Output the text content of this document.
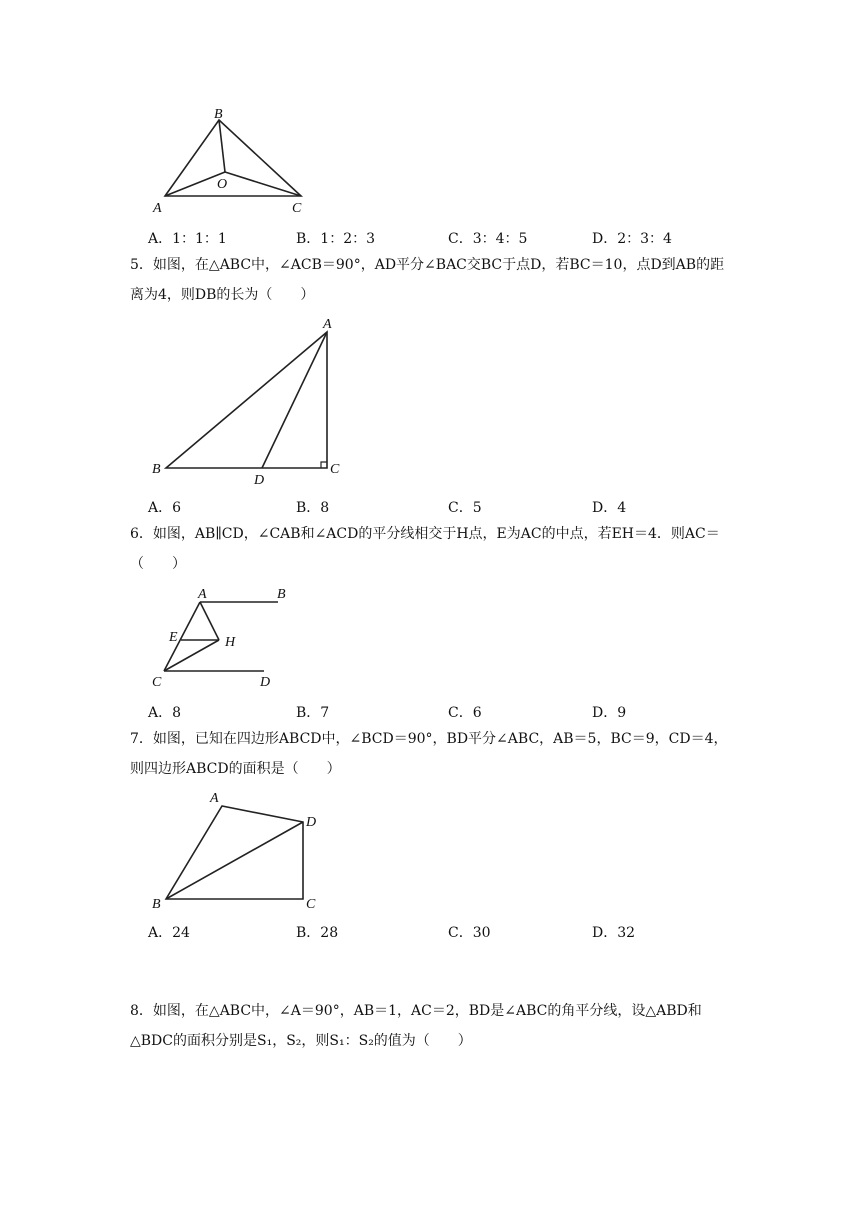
B
O
A	C
A．1：1：1	B．1：2：3	C．3：4：5	D．2：3：4
5．如图，在△ABC中，∠ACB＝90°，AD平分∠BAC交BC于点D，若BC＝10，点D到AB的距离为4，则DB的长为（　　）
A
B
D
C
A．6	B．8	C．5	D．4
6．如图，AB∥CD，∠CAB和∠ACD的平分线相交于H点，E为AC的中点，若EH＝4．则AC＝（　　）
A	B
E	H
C	D
A．8	B．7	C．6	D．9
7．如图，已知在四边形ABCD中，∠BCD＝90°，BD平分∠ABC，AB＝5，BC＝9，CD＝4，则四边形ABCD的面积是（　　）
A
D
B	C
A．24	B．28	C．30	D．32
8．如图，在△ABC中，∠A＝90°，AB＝1，AC＝2，BD是∠ABC的角平分线，设△ABD和△BDC的面积分别是S₁，S₂，则S₁：S₂的值为（　　）
